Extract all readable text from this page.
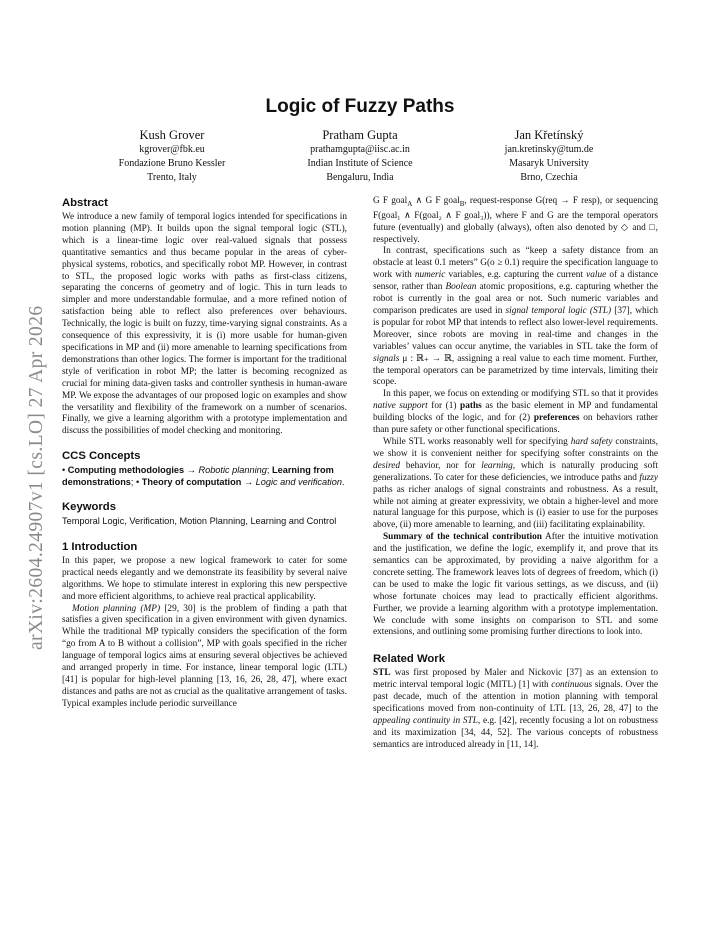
arXiv:2604.24907v1 [cs.LO] 27 Apr 2026
Logic of Fuzzy Paths
Kush Grover
kgrover@fbk.eu
Fondazione Bruno Kessler
Trento, Italy
Pratham Gupta
prathamgupta@iisc.ac.in
Indian Institute of Science
Bengaluru, India
Jan Křetínský
jan.kretinsky@tum.de
Masaryk University
Brno, Czechia
Abstract

We introduce a new family of temporal logics intended for specifications in motion planning (MP). It builds upon the signal temporal logic (STL), which is a linear-time logic over real-valued signals that possess quantitative semantics and thus became popular in the areas of cyber-physical systems, robotics, and specifically robot MP. However, in contrast to STL, the proposed logic works with paths as first-class citizens, separating the concerns of geometry and of logic. This in turn leads to simpler and more understandable formulae, and a more refined notion of satisfaction being able to reflect also preferences over behaviours. Technically, the logic is built on fuzzy, time-varying signal constraints. As a consequence of this expressivity, it is (i) more usable for human-given specifications in MP and (ii) more amenable to learning specifications from demonstrations than other logics. The former is important for the traditional style of verification in robot MP; the latter is becoming recognized as crucial for mining data-given tasks and controller synthesis in human-aware MP. We expose the advantages of our proposed logic on examples and show the versatility and flexibility of the framework on a number of scenarios. Finally, we give a learning algorithm with a prototype implementation and discuss the possibilities of model checking and monitoring.

CCS Concepts

• Computing methodologies → Robotic planning; Learning from demonstrations; • Theory of computation → Logic and verification.

Keywords

Temporal Logic, Verification, Motion Planning, Learning and Control

1 Introduction

In this paper, we propose a new logical framework to cater for some practical needs elegantly and we demonstrate its feasibility by several naive algorithms. We hope to stimulate interest in exploring this new perspective and more efficient algorithms, to achieve real practical applicability.

Motion planning (MP) [29, 30] is the problem of finding a path that satisfies a given specification in a given environment with given dynamics. While the traditional MP typically considers the specification of the form “go from A to B without a collision”, MP with goals specified in the richer language of temporal logics aims at ensuring several objectives be achieved and arranged properly in time. For instance, linear temporal logic (LTL) [41] is popular for high-level planning [13, 16, 26, 28, 47], where exact distances and paths are not as crucial as the qualitative arrangement of tasks. Typical examples include periodic surveillance

G F goal$_A$ ∧ G F goal$_B$, request-response G(req → F resp), or sequencing F(goal₁ ∧ F(goal₂ ∧ F goal₃)), where F and G are the temporal operators future (eventually) and globally (always), often also denoted by ◇ and □, respectively.

In contrast, specifications such as “keep a safety distance from an obstacle at least 0.1 meters” G(o ≥ 0.1) require the specification language to work with numeric variables, e.g. capturing the current value of a distance sensor, rather than Boolean atomic propositions, e.g. capturing whether the robot is currently in the goal area or not. Such numeric variables and comparison predicates are used in signal temporal logic (STL) [37], which is popular for robot MP that intends to reflect also lower-level requirements. Moreover, since robots are moving in real-time and changes in the variables’ values can occur anytime, the variables in STL take the form of signals μ : ℝ₊ → ℝ, assigning a real value to each time moment. Further, the temporal operators can be parametrized by time intervals, limiting their scope.

In this paper, we focus on extending or modifying STL so that it provides native support for (1) paths as the basic element in MP and fundamental building blocks of the logic, and for (2) preferences on behaviors rather than pure safety or other functional specifications.

While STL works reasonably well for specifying hard safety constraints, we show it is convenient neither for specifying softer constraints on the desired behavior, nor for learning, which is naturally producing soft generalizations. To cater for these deficiencies, we introduce paths and fuzzy paths as richer analogs of signal constraints and robustness. As a result, while not aiming at greater expressivity, we obtain a higher-level and more natural language for this purpose, which is (i) easier to use for the purposes above, (ii) more amenable to learning, and (iii) facilitating explainability.

Summary of the technical contribution After the intuitive motivation and the justification, we define the logic, exemplify it, and prove that its semantics can be approximated, by providing a naive algorithm for a concrete setting. The framework leaves lots of degrees of freedom, which (i) can be used to make the logic fit various settings, as we discuss, and (ii) whose fortunate choices may lead to practically efficient algorithms. Further, we provide a learning algorithm with a prototype implementation. We conclude with some insights on comparison to STL and some extensions, and outlining some promising further directions to look into.

Related Work

STL was first proposed by Maler and Nickovic [37] as an extension to metric interval temporal logic (MITL) [1] with continuous signals. Over the past decade, much of the attention in motion planning with temporal specifications moved from non-continuity of LTL [13, 26, 28, 47] to the appealing continuity in STL, e.g. [42], recently focusing a lot on robustness and its maximization [34, 44, 52]. The various concepts of robustness semantics are introduced already in [11, 14].
